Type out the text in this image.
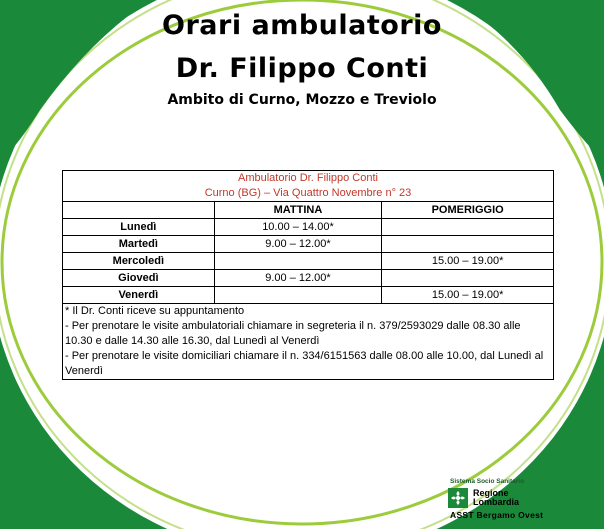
Orari ambulatorio
Dr. Filippo Conti
Ambito di Curno, Mozzo e Treviolo
Ambulatorio Dr. Filippo Conti
Curno (BG) – Via Quattro Novembre n° 23		

	MATTINA	POMERIGGIO
Lunedì	10.00 – 14.00*	
Martedì	9.00 – 12.00*	
Mercoledì		15.00 – 19.00*
Giovedì	9.00 – 12.00*	
Venerdì		15.00 – 19.00*

* Il Dr. Conti riceve su appuntamento
- Per prenotare le visite ambulatoriali chiamare in segreteria il n. 379/2593029 dalle 08.30 alle 10.30 e dalle 14.30 alle 16.30, dal Lunedì al Venerdì
- Per prenotare le visite domiciliari chiamare il n. 334/6151563 dalle 08.00 alle 10.00, dal Lunedì al Venerdì		
Sistema Socio Sanitario
Regione
Lombardia
ASST Bergamo Ovest
